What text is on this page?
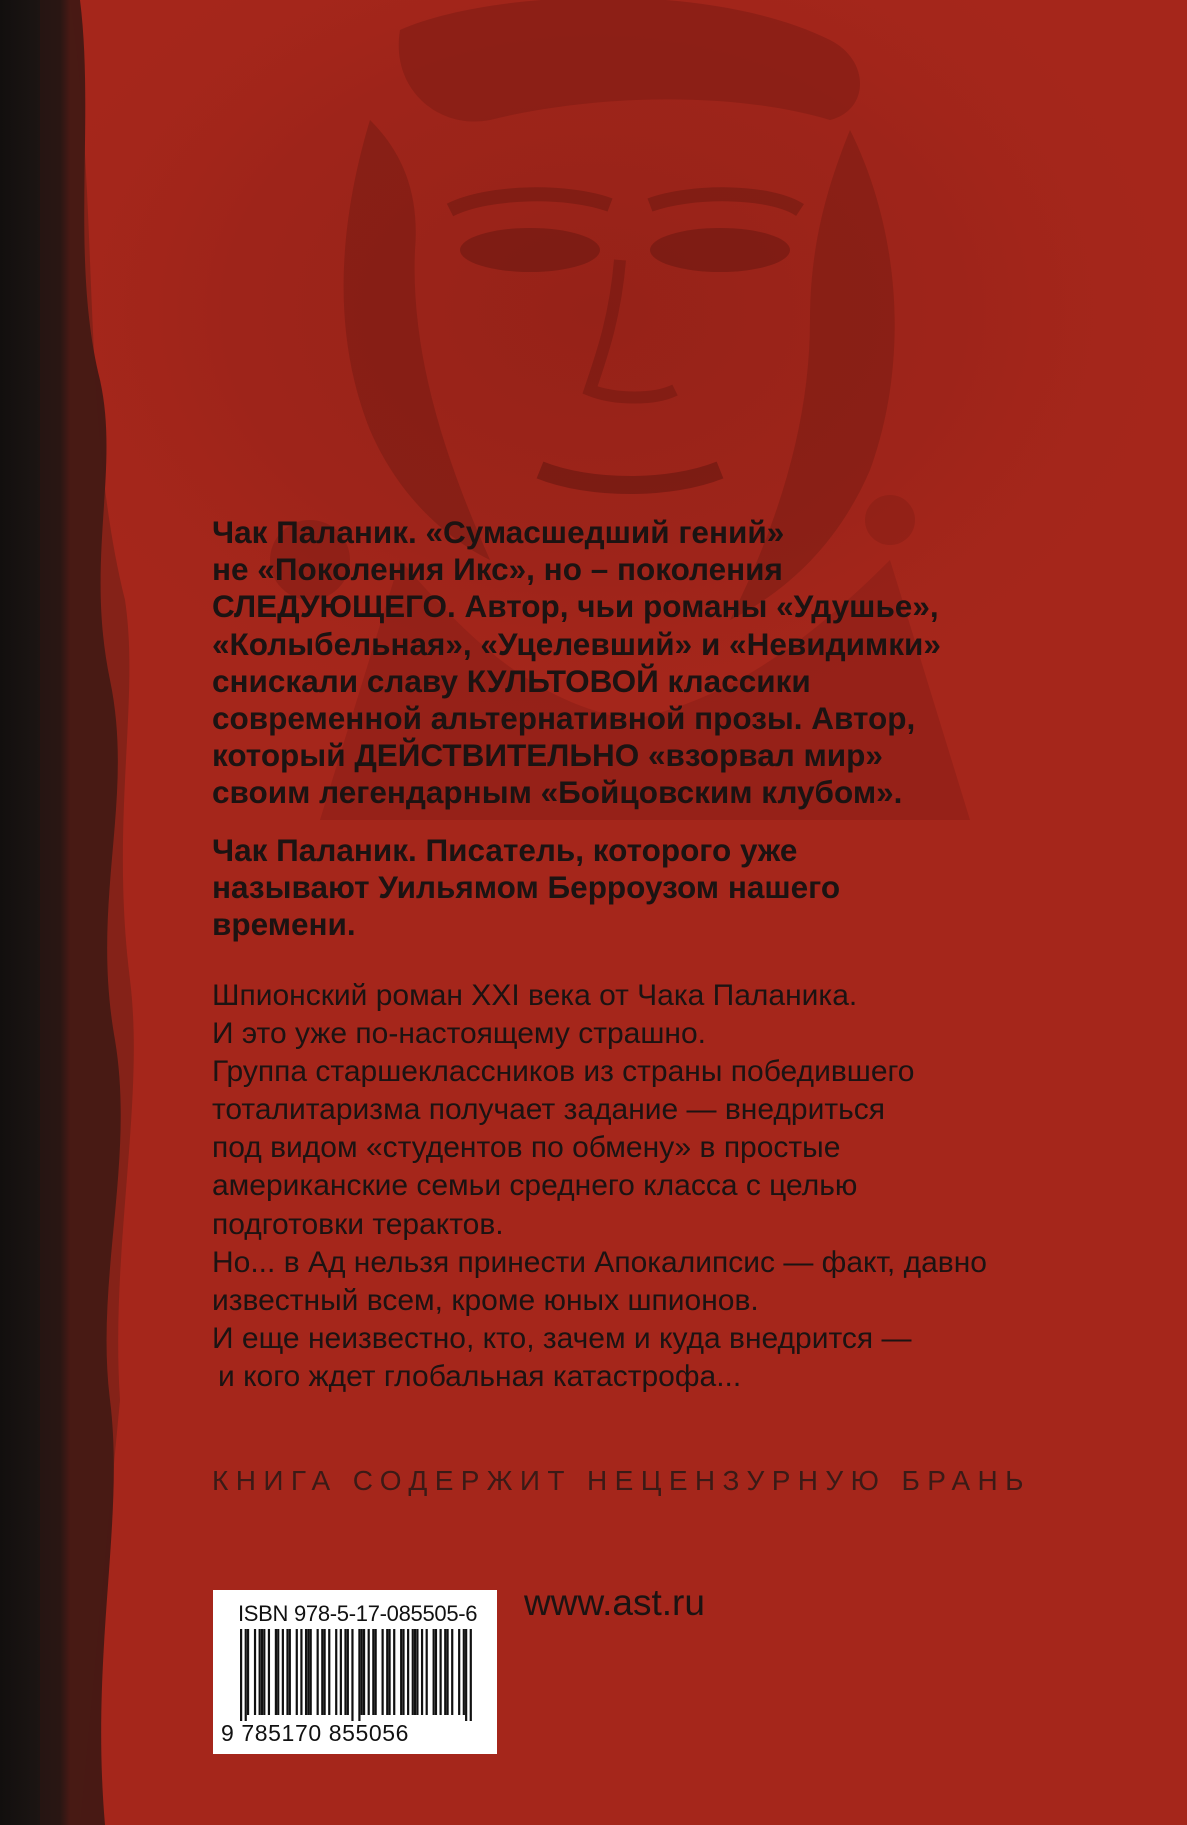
Чак Паланик. «Сумасшедший гений»
не «Поколения Икс», но – поколения
СЛЕДУЮЩЕГО. Автор, чьи романы «Удушье»,
«Колыбельная», «Уцелевший» и «Невидимки»
снискали славу КУЛЬТОВОЙ классики
современной альтернативной прозы. Автор,
который ДЕЙСТВИТЕЛЬНО «взорвал мир»
своим легендарным «Бойцовским клубом».
Чак Паланик. Писатель, которого уже
называют Уильямом Берроузом нашего
времени.
Шпионский роман XXI века от Чака Паланика.
И это уже по-настоящему страшно.
Группа старшеклассников из страны победившего
тоталитаризма получает задание — внедриться
под видом «студентов по обмену» в простые
американские семьи среднего класса с целью
подготовки терактов.
Но... в Ад нельзя принести Апокалипсис — факт, давно
известный всем, кроме юных шпионов.
И еще неизвестно, кто, зачем и куда внедрится —
и кого ждет глобальная катастрофа...
КНИГА СОДЕРЖИТ НЕЦЕНЗУРНУЮ БРАНЬ
ISBN 978-5-17-085505-6
9 785170 855056
www.ast.ru
